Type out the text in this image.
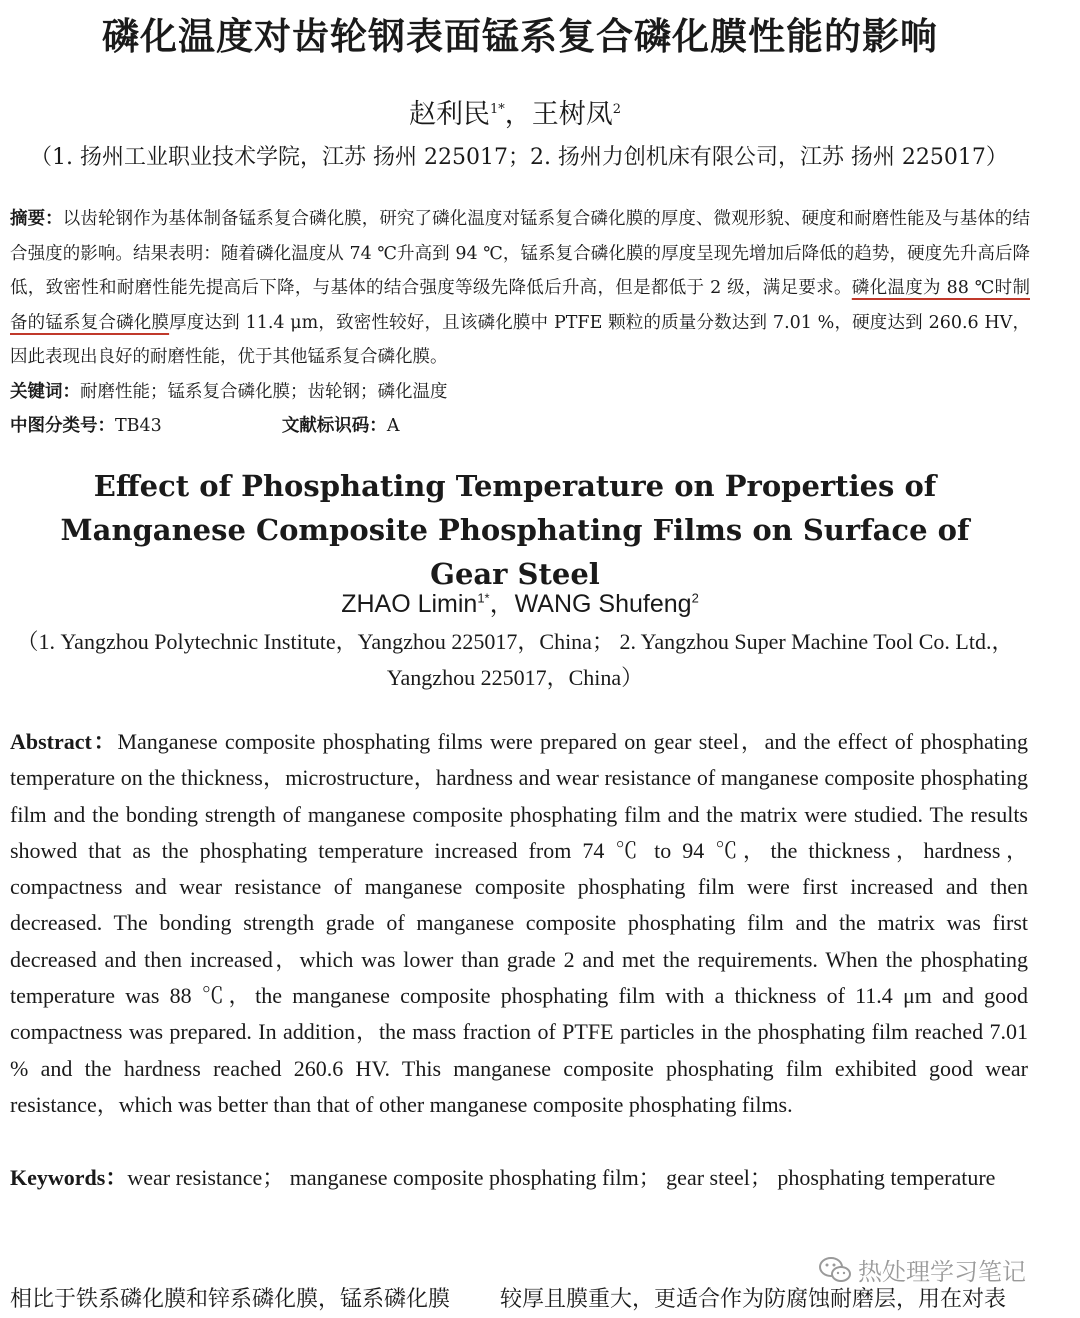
磷化温度对齿轮钢表面锰系复合磷化膜性能的影响
赵利民$^{1*}$，王树凤$^2$
（1. 扬州工业职业技术学院，江苏 扬州 225017；2. 扬州力创机床有限公司，江苏 扬州 225017）

摘要：以齿轮钢作为基体制备锰系复合磷化膜，研究了磷化温度对锰系复合磷化膜的厚度、微观形貌、硬度和耐磨性能及与基体的结合强度的影响。结果表明：随着磷化温度从 74 ℃升高到 94 ℃，锰系复合磷化膜的厚度呈现先增加后降低的趋势，硬度先升高后降低，致密性和耐磨性能先提高后下降，与基体的结合强度等级先降低后升高，但是都低于 2 级，满足要求。磷化温度为 88 ℃时制备的锰系复合磷化膜厚度达到 11.4 μm，致密性较好，且该磷化膜中 PTFE 颗粒的质量分数达到 7.01 %，硬度达到 260.6 HV，因此表现出良好的耐磨性能，优于其他锰系复合磷化膜。

关键词：耐磨性能；锰系复合磷化膜；齿轮钢；磷化温度

中图分类号：TB43	文献标识码：A

Effect of Phosphating Temperature on Properties of Manganese Composite Phosphating Films on Surface of Gear Steel
ZHAO Limin$^{1*}$，WANG Shufeng$^2$
（1. Yangzhou Polytechnic Institute，Yangzhou 225017，China； 2. Yangzhou Super Machine Tool Co. Ltd.，Yangzhou 225017，China）

Abstract：Manganese composite phosphating films were prepared on gear steel，and the effect of phosphating temperature on the thickness，microstructure，hardness and wear resistance of manganese composite phosphating film and the bonding strength of manganese composite phosphating film and the matrix were studied. The results showed that as the phosphating temperature increased from 74 ℃ to 94 ℃，the thickness，hardness，compactness and wear resistance of manganese composite phosphating film were first increased and then decreased. The bonding strength grade of manganese composite phosphating film and the matrix was first decreased and then increased，which was lower than grade 2 and met the requirements. When the phosphating temperature was 88 ℃，the manganese composite phosphating film with a thickness of 11.4 μm and good compactness was prepared. In addition，the mass fraction of PTFE particles in the phosphating film reached 7.01 % and the hardness reached 260.6 HV. This manganese composite phosphating film exhibited good wear resistance，which was better than that of other manganese composite phosphating films.

Keywords：wear resistance； manganese composite phosphating film； gear steel； phosphating temperature

相比于铁系磷化膜和锌系磷化膜，锰系磷化膜 较厚且膜重大，更适合作为防腐蚀耐磨层，用在对表
热处理学习笔记
